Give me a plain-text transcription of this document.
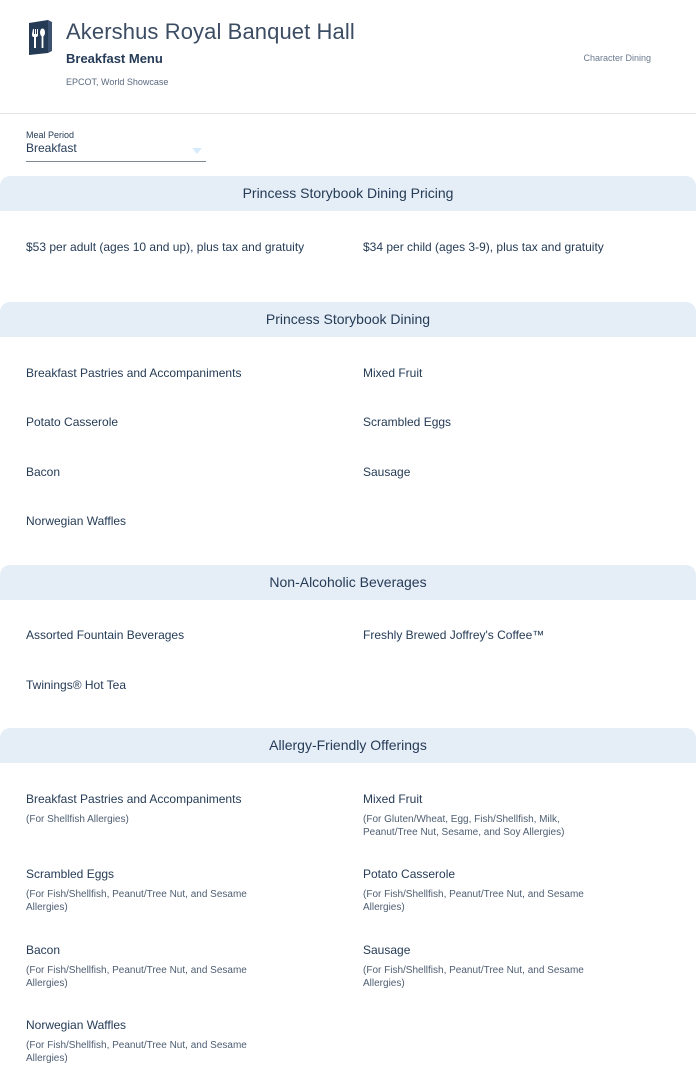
Akershus Royal Banquet Hall
Breakfast Menu
EPCOT, World Showcase
Character Dining
Meal Period
Breakfast
Princess Storybook Dining Pricing
$53 per adult (ages 10 and up), plus tax and gratuity	$34 per child (ages 3-9), plus tax and gratuity
Princess Storybook Dining
Breakfast Pastries and Accompaniments	Mixed Fruit
Potato Casserole	Scrambled Eggs
Bacon	Sausage
Norwegian Waffles
Non-Alcoholic Beverages
Assorted Fountain Beverages	Freshly Brewed Joffrey's Coffee™
Twinings® Hot Tea
Allergy-Friendly Offerings
Breakfast Pastries and Accompaniments
(For Shellfish Allergies)
Mixed Fruit
(For Gluten/Wheat, Egg, Fish/Shellfish, Milk, Peanut/Tree Nut, Sesame, and Soy Allergies)
Scrambled Eggs
(For Fish/Shellfish, Peanut/Tree Nut, and Sesame Allergies)
Potato Casserole
(For Fish/Shellfish, Peanut/Tree Nut, and Sesame Allergies)
Bacon
(For Fish/Shellfish, Peanut/Tree Nut, and Sesame Allergies)
Sausage
(For Fish/Shellfish, Peanut/Tree Nut, and Sesame Allergies)
Norwegian Waffles
(For Fish/Shellfish, Peanut/Tree Nut, and Sesame Allergies)
